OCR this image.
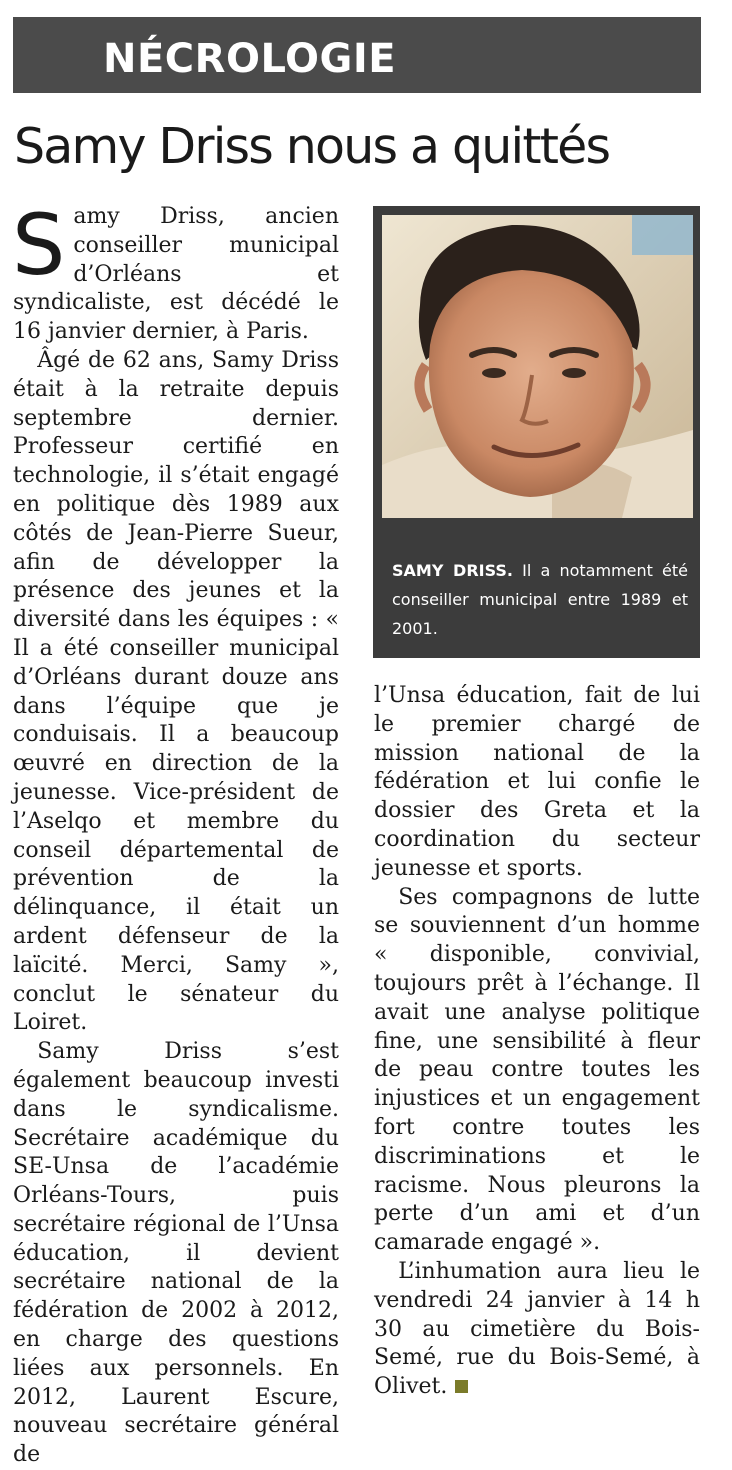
NÉCROLOGIE
Samy Driss nous a quittés

Samy Driss, ancien conseiller municipal d’Orléans et syndicaliste, est décédé le 16 janvier dernier, à Paris.

Âgé de 62 ans, Samy Driss était à la retraite depuis septembre dernier. Professeur certifié en technologie, il s’était engagé en politique dès 1989 aux côtés de Jean-Pierre Sueur, afin de développer la présence des jeunes et la diversité dans les équipes : « Il a été conseiller municipal d’Orléans durant douze ans dans l’équipe que je conduisais. Il a beaucoup œuvré en direction de la jeunesse. Vice-président de l’Aselqo et membre du conseil départemental de prévention de la délinquance, il était un ardent défenseur de la laïcité. Merci, Samy », conclut le sénateur du Loiret.

Samy Driss s’est également beaucoup investi dans le syndicalisme. Secrétaire académique du SE-Unsa de l’académie Orléans-Tours, puis secrétaire régional de l’Unsa éducation, il devient secrétaire national de la fédération de 2002 à 2012, en charge des questions liées aux personnels. En 2012, Laurent Escure, nouveau secrétaire général de

SAMY DRISS. Il a notamment été conseiller municipal entre 1989 et 2001.

l’Unsa éducation, fait de lui le premier chargé de mission national de la fédération et lui confie le dossier des Greta et la coordination du secteur jeunesse et sports.

Ses compagnons de lutte se souviennent d’un homme « disponible, convivial, toujours prêt à l’échange. Il avait une analyse politique fine, une sensibilité à fleur de peau contre toutes les injustices et un engagement fort contre toutes les discriminations et le racisme. Nous pleurons la perte d’un ami et d’un camarade engagé ».

L’inhumation aura lieu le vendredi 24 janvier à 14 h 30 au cimetière du Bois-Semé, rue du Bois-Semé, à Olivet.
